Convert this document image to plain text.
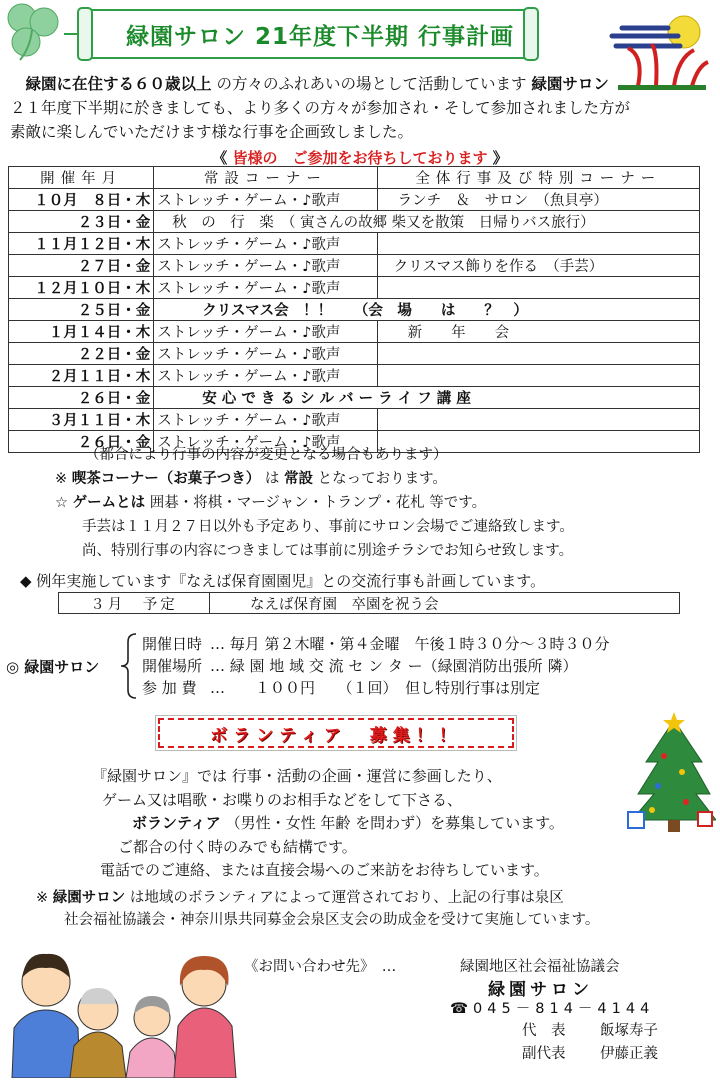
緑園サロン 21年度下半期 行事計画
　緑園に在住する６０歳以上 の方々のふれあいの場として活動しています 緑園サロン
２１年度下半期に於きましても、より多くの方々が参加され・そして参加されました方が
素敵に楽しんでいただけます様な行事を企画致しました。
《 皆様の　ご参加をお待ちしております 》
開催年月	常設コーナー	全体行事及び特別コーナー
１０月　８日・木	ストレッチ・ゲーム・♪歌声	ランチ　＆　サロン　（魚貝亭）
２３日・金	秋　の　行　楽　（ 寅さんの故郷 柴又を散策　日帰りバス旅行）	
１１月１２日・木	ストレッチ・ゲーム・♪歌声	
２７日・金	ストレッチ・ゲーム・♪歌声	クリスマス飾りを作る　（手芸）
１２月１０日・木	ストレッチ・ゲーム・♪歌声	
２５日・金	クリスマス会　！！　　（会　場　　は　　？　）	
１月１４日・木	ストレッチ・ゲーム・♪歌声	新　　年　　会
２２日・金	ストレッチ・ゲーム・♪歌声	
２月１１日・木	ストレッチ・ゲーム・♪歌声	
２６日・金	安 心 で き る シ ル バ ー ラ イ フ 講 座	
３月１１日・木	ストレッチ・ゲーム・♪歌声	
２６日・金	ストレッチ・ゲーム・♪歌声	
（都合により行事の内容が変更となる場合もあります）
※ 喫茶コーナー（お菓子つき） は 常設 となっております。
☆ ゲームとは 囲碁・将棋・マージャン・トランプ・花札 等です。
手芸は１１月２７日以外も予定あり、事前にサロン会場でご連絡致します。
尚、特別行事の内容につきましては事前に別途チラシでお知らせ致します。
◆ 例年実施しています『なえば保育園園児』との交流行事も計画しています。
３月　予定	なえば保育園　卒園を祝う会
◎ 緑園サロン
開催日時 … 毎月 第２木曜・第４金曜　午後１時３０分～３時３０分
開催場所 … 緑 園 地 域 交 流 セ ン タ ー（緑園消防出張所 隣）
参 加 費 …　　１００円　　（１回）　但し特別行事は別定
ボランティア　募集！！
『緑園サロン』では 行事・活動の企画・運営に参画したり、
ゲーム又は唱歌・お喋りのお相手などをして下さる、
ボランティア （男性・女性 年齢 を問わず）を募集しています。
ご都合の付く時のみでも結構です。
電話でのご連絡、または直接会場へのご来訪をお待ちしています。
※ 緑園サロン は地域のボランティアによって運営されており、上記の行事は泉区
社会福祉協議会・神奈川県共同募金会泉区支会の助成金を受けて実施しています。
《お問い合わせ先》　…	緑園地区社会福祉協議会
緑園サロン
☎045－814－4144
代　表 飯塚寿子
副代表 伊藤正義
